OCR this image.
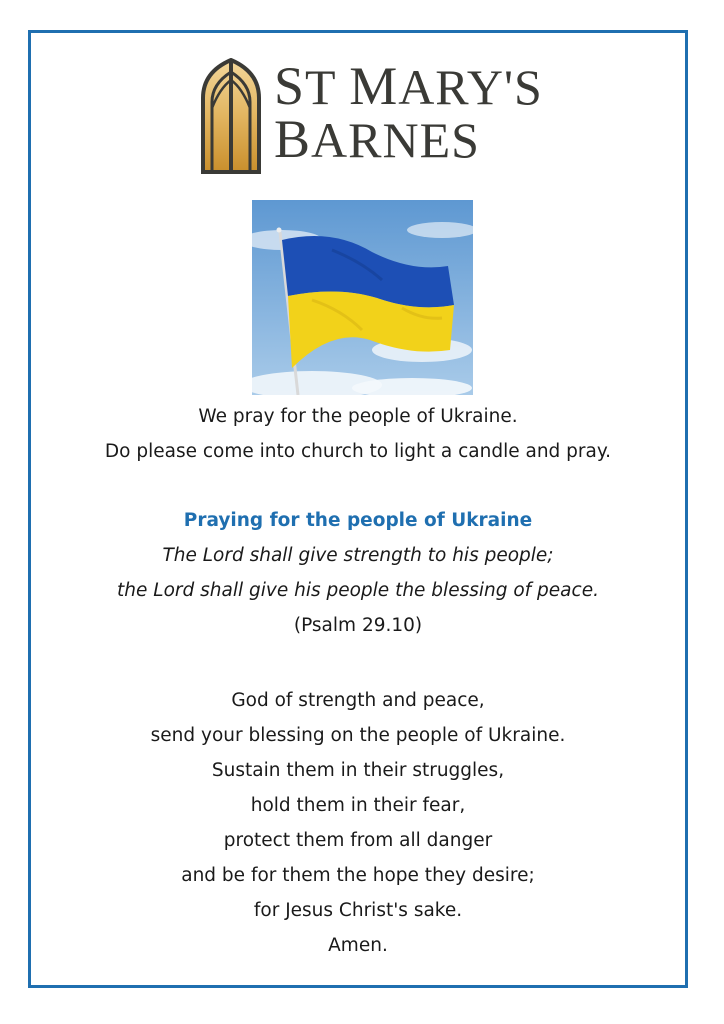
ST MARY'S
BARNES
We pray for the people of Ukraine.
Do please come into church to light a candle and pray.
Praying for the people of Ukraine
The Lord shall give strength to his people;
the Lord shall give his people the blessing of peace.
(Psalm 29.10)
God of strength and peace,
send your blessing on the people of Ukraine.
Sustain them in their struggles,
hold them in their fear,
protect them from all danger
and be for them the hope they desire;
for Jesus Christ's sake.
Amen.
